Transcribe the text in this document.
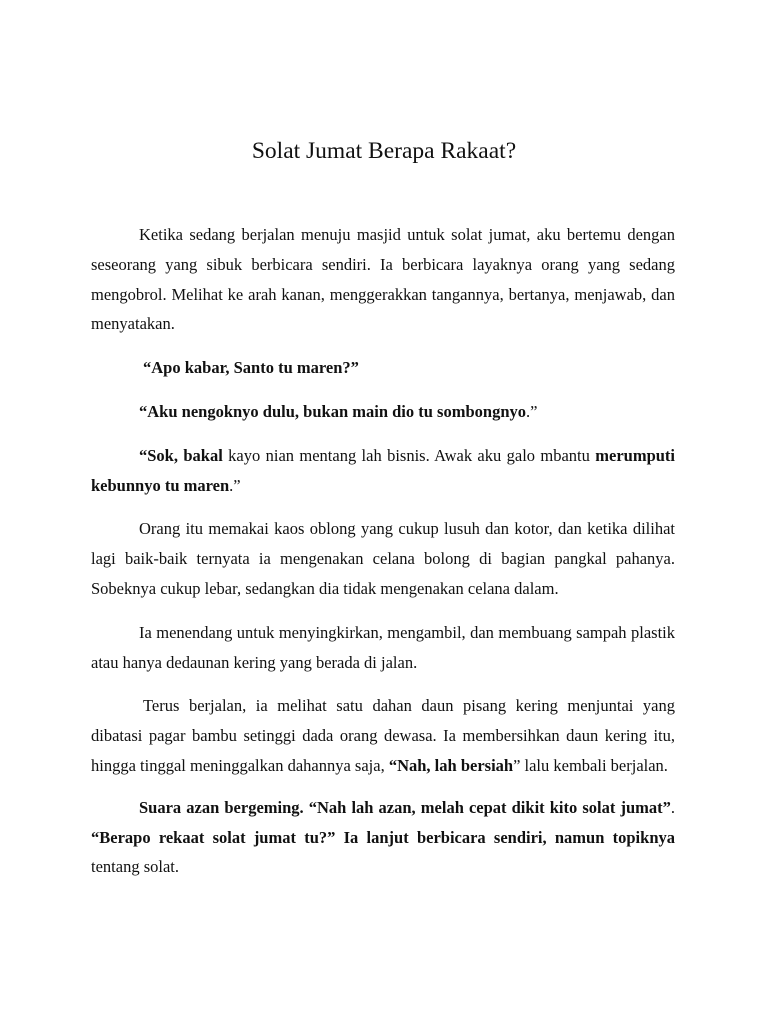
Solat Jumat Berapa Rakaat?

Ketika sedang berjalan menuju masjid untuk solat jumat, aku bertemu dengan seseorang yang sibuk berbicara sendiri. Ia berbicara layaknya orang yang sedang mengobrol. Melihat ke arah kanan, menggerakkan tangannya, bertanya, menjawab, dan menyatakan.

“Apo kabar, Santo tu maren?”

“Aku nengoknyo dulu, bukan main dio tu sombongnyo.”

“Sok, bakal kayo nian mentang lah bisnis. Awak aku galo mbantu merumputi kebunnyo tu maren.”

Orang itu memakai kaos oblong yang cukup lusuh dan kotor, dan ketika dilihat lagi baik-baik ternyata ia mengenakan celana bolong di bagian pangkal pahanya. Sobeknya cukup lebar, sedangkan dia tidak mengenakan celana dalam.

Ia menendang untuk menyingkirkan, mengambil, dan membuang sampah plastik atau hanya dedaunan kering yang berada di jalan.

Terus berjalan, ia melihat satu dahan daun pisang kering menjuntai yang dibatasi pagar bambu setinggi dada orang dewasa. Ia membersihkan daun kering itu, hingga tinggal meninggalkan dahannya saja, “Nah, lah bersiah” lalu kembali berjalan.

Suara azan bergeming. “Nah lah azan, melah cepat dikit kito solat jumat”. “Berapo rekaat solat jumat tu?” Ia lanjut berbicara sendiri, namun topiknya tentang solat.
